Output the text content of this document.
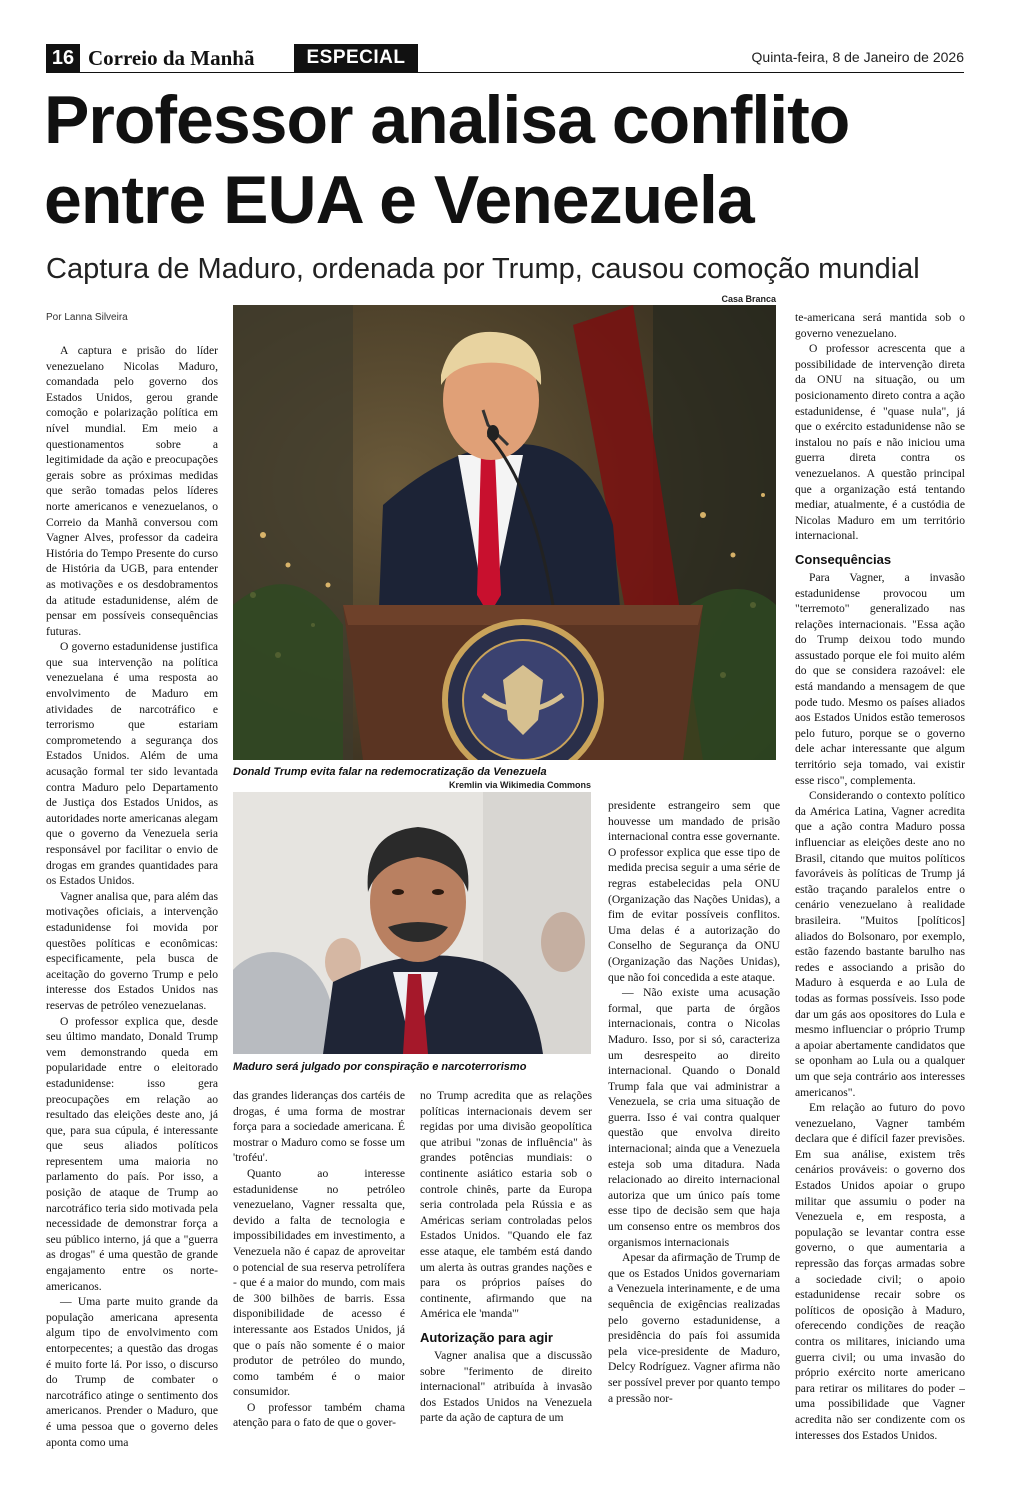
16 Correio da Manhã	ESPECIAL	Quinta-feira, 8 de Janeiro de 2026
Professor analisa conflito entre EUA e Venezuela
Captura de Maduro, ordenada por Trump, causou comoção mundial
Por Lanna Silveira
Casa Branca
Donald Trump evita falar na redemocratização da Venezuela
Kremlin via Wikimedia Commons
Maduro será julgado por conspiração e narcoterrorismo

A captura e prisão do líder venezuelano Nicolas Maduro, comandada pelo governo dos Estados Unidos, gerou grande comoção e polarização política em nível mundial. Em meio a questionamentos sobre a legitimidade da ação e preocupações gerais sobre as próximas medidas que serão tomadas pelos líderes norte americanos e venezuelanos, o Correio da Manhã conversou com Vagner Alves, professor da cadeira História do Tempo Presente do curso de História da UGB, para entender as motivações e os desdobramentos da atitude estadunidense, além de pensar em possíveis consequências futuras.

O governo estadunidense justifica que sua intervenção na política venezuelana é uma resposta ao envolvimento de Maduro em atividades de narcotráfico e terrorismo que estariam comprometendo a segurança dos Estados Unidos. Além de uma acusação formal ter sido levantada contra Maduro pelo Departamento de Justiça dos Estados Unidos, as autoridades norte americanas alegam que o governo da Venezuela seria responsável por facilitar o envio de drogas em grandes quantidades para os Estados Unidos.

Vagner analisa que, para além das motivações oficiais, a intervenção estadunidense foi movida por questões políticas e econômicas: especificamente, pela busca de aceitação do governo Trump e pelo interesse dos Estados Unidos nas reservas de petróleo venezuelanas.

O professor explica que, desde seu último mandato, Donald Trump vem demonstrando queda em popularidade entre o eleitorado estadunidense: isso gera preocupações em relação ao resultado das eleições deste ano, já que, para sua cúpula, é interessante que seus aliados políticos representem uma maioria no parlamento do país. Por isso, a posição de ataque de Trump ao narcotráfico teria sido motivada pela necessidade de demonstrar força a seu público interno, já que a "guerra as drogas" é uma questão de grande engajamento entre os norte-americanos.

— Uma parte muito grande da população americana apresenta algum tipo de envolvimento com entorpecentes; a questão das drogas é muito forte lá. Por isso, o discurso do Trump de combater o narcotráfico atinge o sentimento dos americanos. Prender o Maduro, que é uma pessoa que o governo deles aponta como uma

das grandes lideranças dos cartéis de drogas, é uma forma de mostrar força para a sociedade americana. É mostrar o Maduro como se fosse um 'troféu'.

Quanto ao interesse estadunidense no petróleo venezuelano, Vagner ressalta que, devido a falta de tecnologia e impossibilidades em investimento, a Venezuela não é capaz de aproveitar o potencial de sua reserva petrolífera - que é a maior do mundo, com mais de 300 bilhões de barris. Essa disponibilidade de acesso é interessante aos Estados Unidos, já que o país não somente é o maior produtor de petróleo do mundo, como também é o maior consumidor.

O professor também chama atenção para o fato de que o gover-

no Trump acredita que as relações políticas internacionais devem ser regidas por uma divisão geopolítica que atribui "zonas de influência" às grandes potências mundiais: o continente asiático estaria sob o controle chinês, parte da Europa seria controlada pela Rússia e as Américas seriam controladas pelos Estados Unidos. "Quando ele faz esse ataque, ele também está dando um alerta às outras grandes nações e para os próprios países do continente, afirmando que na América ele 'manda'"

Autorização para agir

Vagner analisa que a discussão sobre "ferimento de direito internacional" atribuída à invasão dos Estados Unidos na Venezuela parte da ação de captura de um

presidente estrangeiro sem que houvesse um mandado de prisão internacional contra esse governante. O professor explica que esse tipo de medida precisa seguir a uma série de regras estabelecidas pela ONU (Organização das Nações Unidas), a fim de evitar possíveis conflitos. Uma delas é a autorização do Conselho de Segurança da ONU (Organização das Nações Unidas), que não foi concedida a este ataque.

— Não existe uma acusação formal, que parta de órgãos internacionais, contra o Nicolas Maduro. Isso, por si só, caracteriza um desrespeito ao direito internacional. Quando o Donald Trump fala que vai administrar a Venezuela, se cria uma situação de guerra. Isso é vai contra qualquer questão que envolva direito internacional; ainda que a Venezuela esteja sob uma ditadura. Nada relacionado ao direito internacional autoriza que um único país tome esse tipo de decisão sem que haja um consenso entre os membros dos organismos internacionais

Apesar da afirmação de Trump de que os Estados Unidos governariam a Venezuela interinamente, e de uma sequência de exigências realizadas pelo governo estadunidense, a presidência do país foi assumida pela vice-presidente de Maduro, Delcy Rodríguez. Vagner afirma não ser possível prever por quanto tempo a pressão nor-

te-americana será mantida sob o governo venezuelano.

O professor acrescenta que a possibilidade de intervenção direta da ONU na situação, ou um posicionamento direto contra a ação estadunidense, é "quase nula", já que o exército estadunidense não se instalou no país e não iniciou uma guerra direta contra os venezuelanos. A questão principal que a organização está tentando mediar, atualmente, é a custódia de Nicolas Maduro em um território internacional.

Consequências

Para Vagner, a invasão estadunidense provocou um "terremoto" generalizado nas relações internacionais. "Essa ação do Trump deixou todo mundo assustado porque ele foi muito além do que se considera razoável: ele está mandando a mensagem de que pode tudo. Mesmo os países aliados aos Estados Unidos estão temerosos pelo futuro, porque se o governo dele achar interessante que algum território seja tomado, vai existir esse risco", complementa.

Considerando o contexto político da América Latina, Vagner acredita que a ação contra Maduro possa influenciar as eleições deste ano no Brasil, citando que muitos políticos favoráveis às políticas de Trump já estão traçando paralelos entre o cenário venezuelano à realidade brasileira. "Muitos [políticos] aliados do Bolsonaro, por exemplo, estão fazendo bastante barulho nas redes e associando a prisão do Maduro à esquerda e ao Lula de todas as formas possíveis. Isso pode dar um gás aos opositores do Lula e mesmo influenciar o próprio Trump a apoiar abertamente candidatos que se oponham ao Lula ou a qualquer um que seja contrário aos interesses americanos".

Em relação ao futuro do povo venezuelano, Vagner também declara que é difícil fazer previsões. Em sua análise, existem três cenários prováveis: o governo dos Estados Unidos apoiar o grupo militar que assumiu o poder na Venezuela e, em resposta, a população se levantar contra esse governo, o que aumentaria a repressão das forças armadas sobre a sociedade civil; o apoio estadunidense recair sobre os políticos de oposição à Maduro, oferecendo condições de reação contra os militares, iniciando uma guerra civil; ou uma invasão do próprio exército norte americano para retirar os militares do poder – uma possibilidade que Vagner acredita não ser condizente com os interesses dos Estados Unidos.
